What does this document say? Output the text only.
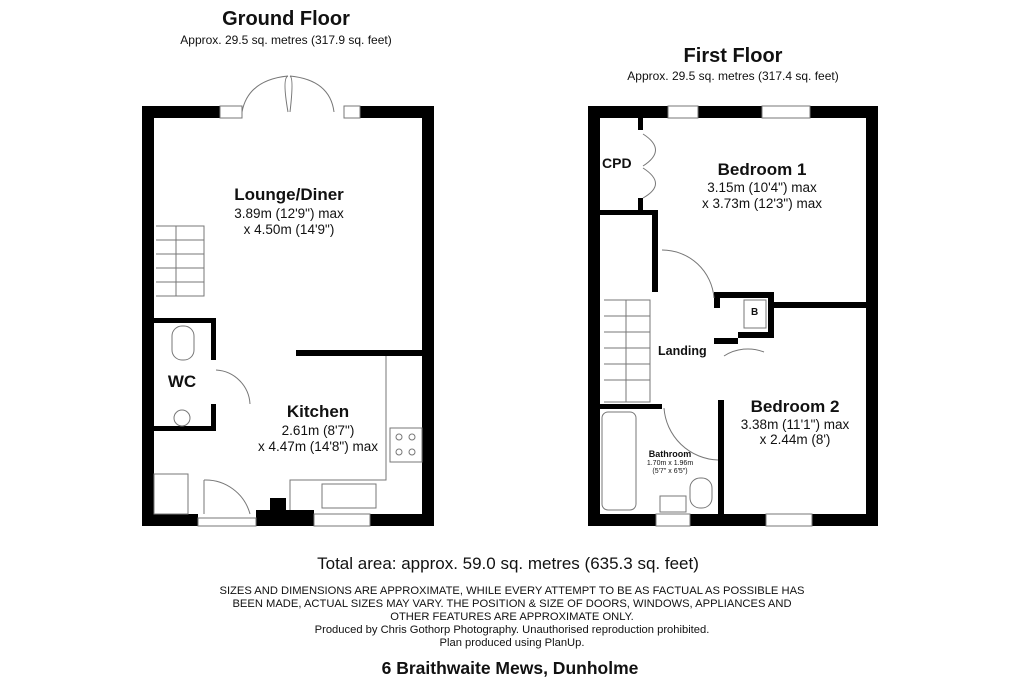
Ground Floor
Approx. 29.5 sq. metres (317.9 sq. feet)
Lounge/Diner
3.89m (12'9") max
x 4.50m (14'9")
Kitchen
2.61m (8'7")
x 4.47m (14'8") max
WC
First Floor
Approx. 29.5 sq. metres (317.4 sq. feet)
Bedroom 1
3.15m (10'4") max
x 3.73m (12'3") max
Bedroom 2
3.38m (11'1") max
x 2.44m (8')
CPD
Landing
B
Bathroom
1.70m x 1.96m
(5'7" x 6'5")
Total area: approx. 59.0 sq. metres (635.3 sq. feet)
SIZES AND DIMENSIONS ARE APPROXIMATE, WHILE EVERY ATTEMPT TO BE AS FACTUAL AS POSSIBLE HAS
BEEN MADE, ACTUAL SIZES MAY VARY. THE POSITION & SIZE OF DOORS, WINDOWS, APPLIANCES AND
OTHER FEATURES ARE APPROXIMATE ONLY.
Produced by Chris Gothorp Photography. Unauthorised reproduction prohibited.
Plan produced using PlanUp.
6 Braithwaite Mews, Dunholme
